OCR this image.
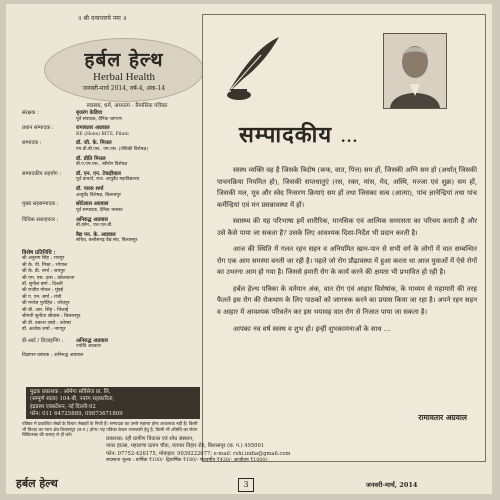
॥ श्री धन्वन्तरये नमः ॥
हर्बल हेल्थ
Herbal Health
जनवरी-मार्च 2014, वर्ष-4, अंक-14
स्वास्थ्य, धर्म, अध्यात्म - त्रैमासिक पत्रिका
संरक्षक :	बृजरंग केडिया
पूर्व संपादक, दैनिक जागरण
प्रधान सम्पादक :	रामावतार अग्रवाल
BE (Hons) BITS, Pilani
सम्पादक :	डॉ. जी. के. मित्तल
एम.बी.बी.एस., एम.एस. (जैविकी विशेषज्ञ)
डॉ. प्रीति मित्तल
बी.ए.एम.एस., स्त्रीरोग विशेषज्ञ
सम्पादकीय सहयोग :	डॉ. एन. एन. टेकड़ीवाल
पूर्व प्राचार्य, राज. आयुर्वेद महाविद्यालय
डॉ. पारस शर्मा
आयुर्वेद विशेषज्ञ, बिलासपुर
मुख्य सहसम्पादक :	छोटेलाल अग्रवाल
पूर्व सम्पादक, दैनिक भास्कर
विधिक सलाहकार :	अनिरुद्ध अग्रवाल
बी.कॉम., एल.एल.बी.
वैद्य पन. के. अग्रवाल
सचिव, छत्तीसगढ़ वैद्य संघ, बिलासपुर
विशेष प्रतिनिधि :
श्री अनुराग सिंह : रायपुर
श्री के. पी. मिश्रा : भोपाल
श्री के. डी. शर्मा : जयपुर
श्री एम. एस. दास : कोलकाता
डॉ. सुनील बर्मा : दिल्ली
श्री राजीव गोयल : मुंबई
श्री ए. एन. बर्मा : रांची
श्री मनोज पुरोहित : जोधपुर
श्री बी. आर. सिंह : भिलाई
श्रीमती सुनीता श्रीवास : बिलासपुर
श्री डी. प्रकाश एडवे : कोरबा
डॉ. अशोक शर्मा : नागपुर
डी-आर्ट / डिज़ाइनिंग :	अनिरुद्ध अग्रवाल
ज्योति अग्रवाल
विज्ञापन प्रबंधक : अनिरुद्ध अग्रवाल
मुद्रक प्रकाशक : ओमेगा सर्विसेज प्रा. लि.
(सम्पूर्ण स्वत्व) 104-बी, नवरंग सहकारिता,
इंद्रप्रस्थ एक्सटेंशन, नई दिल्ली-92
फोन: 011 64725889, 09873671809
पत्रिका में प्रकाशित लेखों के विचार लेखकों के निजी हैं। सम्पादक का उनसे सहमत होना आवश्यक नहीं है। किसी भी विवाद का न्याय क्षेत्र बिलासपुर (छ.ग.) होगा। यह पत्रिका केवल जानकारी हेतु है, किसी भी औषधि का सेवन चिकित्सक की सलाह से ही करें।
सम्पादकीय ...

स्वस्थ व्यक्ति वह है जिसके त्रिदोष (कफ, वात, पित्त) सम हों, जिसकी अग्नि सम हो (अर्थात् जिसकी पाचनक्रिया नियमित हो), जिसकी सप्तधातुएं (रस, रक्त, मांस, मेद, अस्थि, मज्जा एवं शुक्र) सम हों, जिसकी मल, मूत्र और स्वेद निःसरण क्रियाएं सम हों तथा जिसका सत्व (आत्मा), पांच ज्ञानेन्द्रियां तथा पांच कर्मेन्द्रियां एवं मन प्रसन्नावस्था में हों।

स्वास्थ्य की यह परिभाषा हमें शारीरिक, मानसिक एवं आत्मिक समरसता का परिचय कराती है और उसे कैसे पाया जा सकता है? उसके लिए आवश्यक दिशा-निर्देश भी प्रदान करती है।

आज की स्थिति में गलत रहन सहन व अनियमित खान-पान से सभी वर्ग के लोगों में वात सम्बन्धित रोग एक आम समस्या बनती जा रही है। पहले जो रोग प्रौढ़ावस्था में हुआ करता था आज युवाओं में ऐसे रोगों का उभरना आम हो गया है। जिससे हमारी रोग के कार्य करने की क्षमता भी प्रभावित हो रही है।

हर्बल हेल्थ पत्रिका के वर्तमान अंक, वात रोग एवं आहार विशेषांक, के माध्यम से महामारी की तरह फैलते इस रोग की रोकथाम के लिए पाठकों को जागरुक करने का प्रयास किया जा रहा है। अपने रहन सहन व आहार में आवश्यक परिवर्तन कर इस भयावह वात रोग से निजात पाया जा सकता है।

आपका नव वर्ष स्वस्थ व शुभ हो। इन्हीं शुभकामनाओं के साथ ...

रामावतार अग्रवाल
प्रकाशक: रही ग्रामीण विकास एवं शोध संस्थान,
पावर हाउस, महाराणा प्रताप चौक, व्यापार विहार रोड, बिलासपुर (छ. ग.) 495001
फोन: 07752-426175, मोबाइल: 9039222677; e-mail: rshi.india@gmail.com
सदस्यता शुल्क : वार्षिक ₹100/- द्विवार्षिक ₹180/- पंचवर्षीय ₹430/- आजीवन ₹1000/-
हर्बल हेल्थ	3	जनवरी-मार्च, 2014
